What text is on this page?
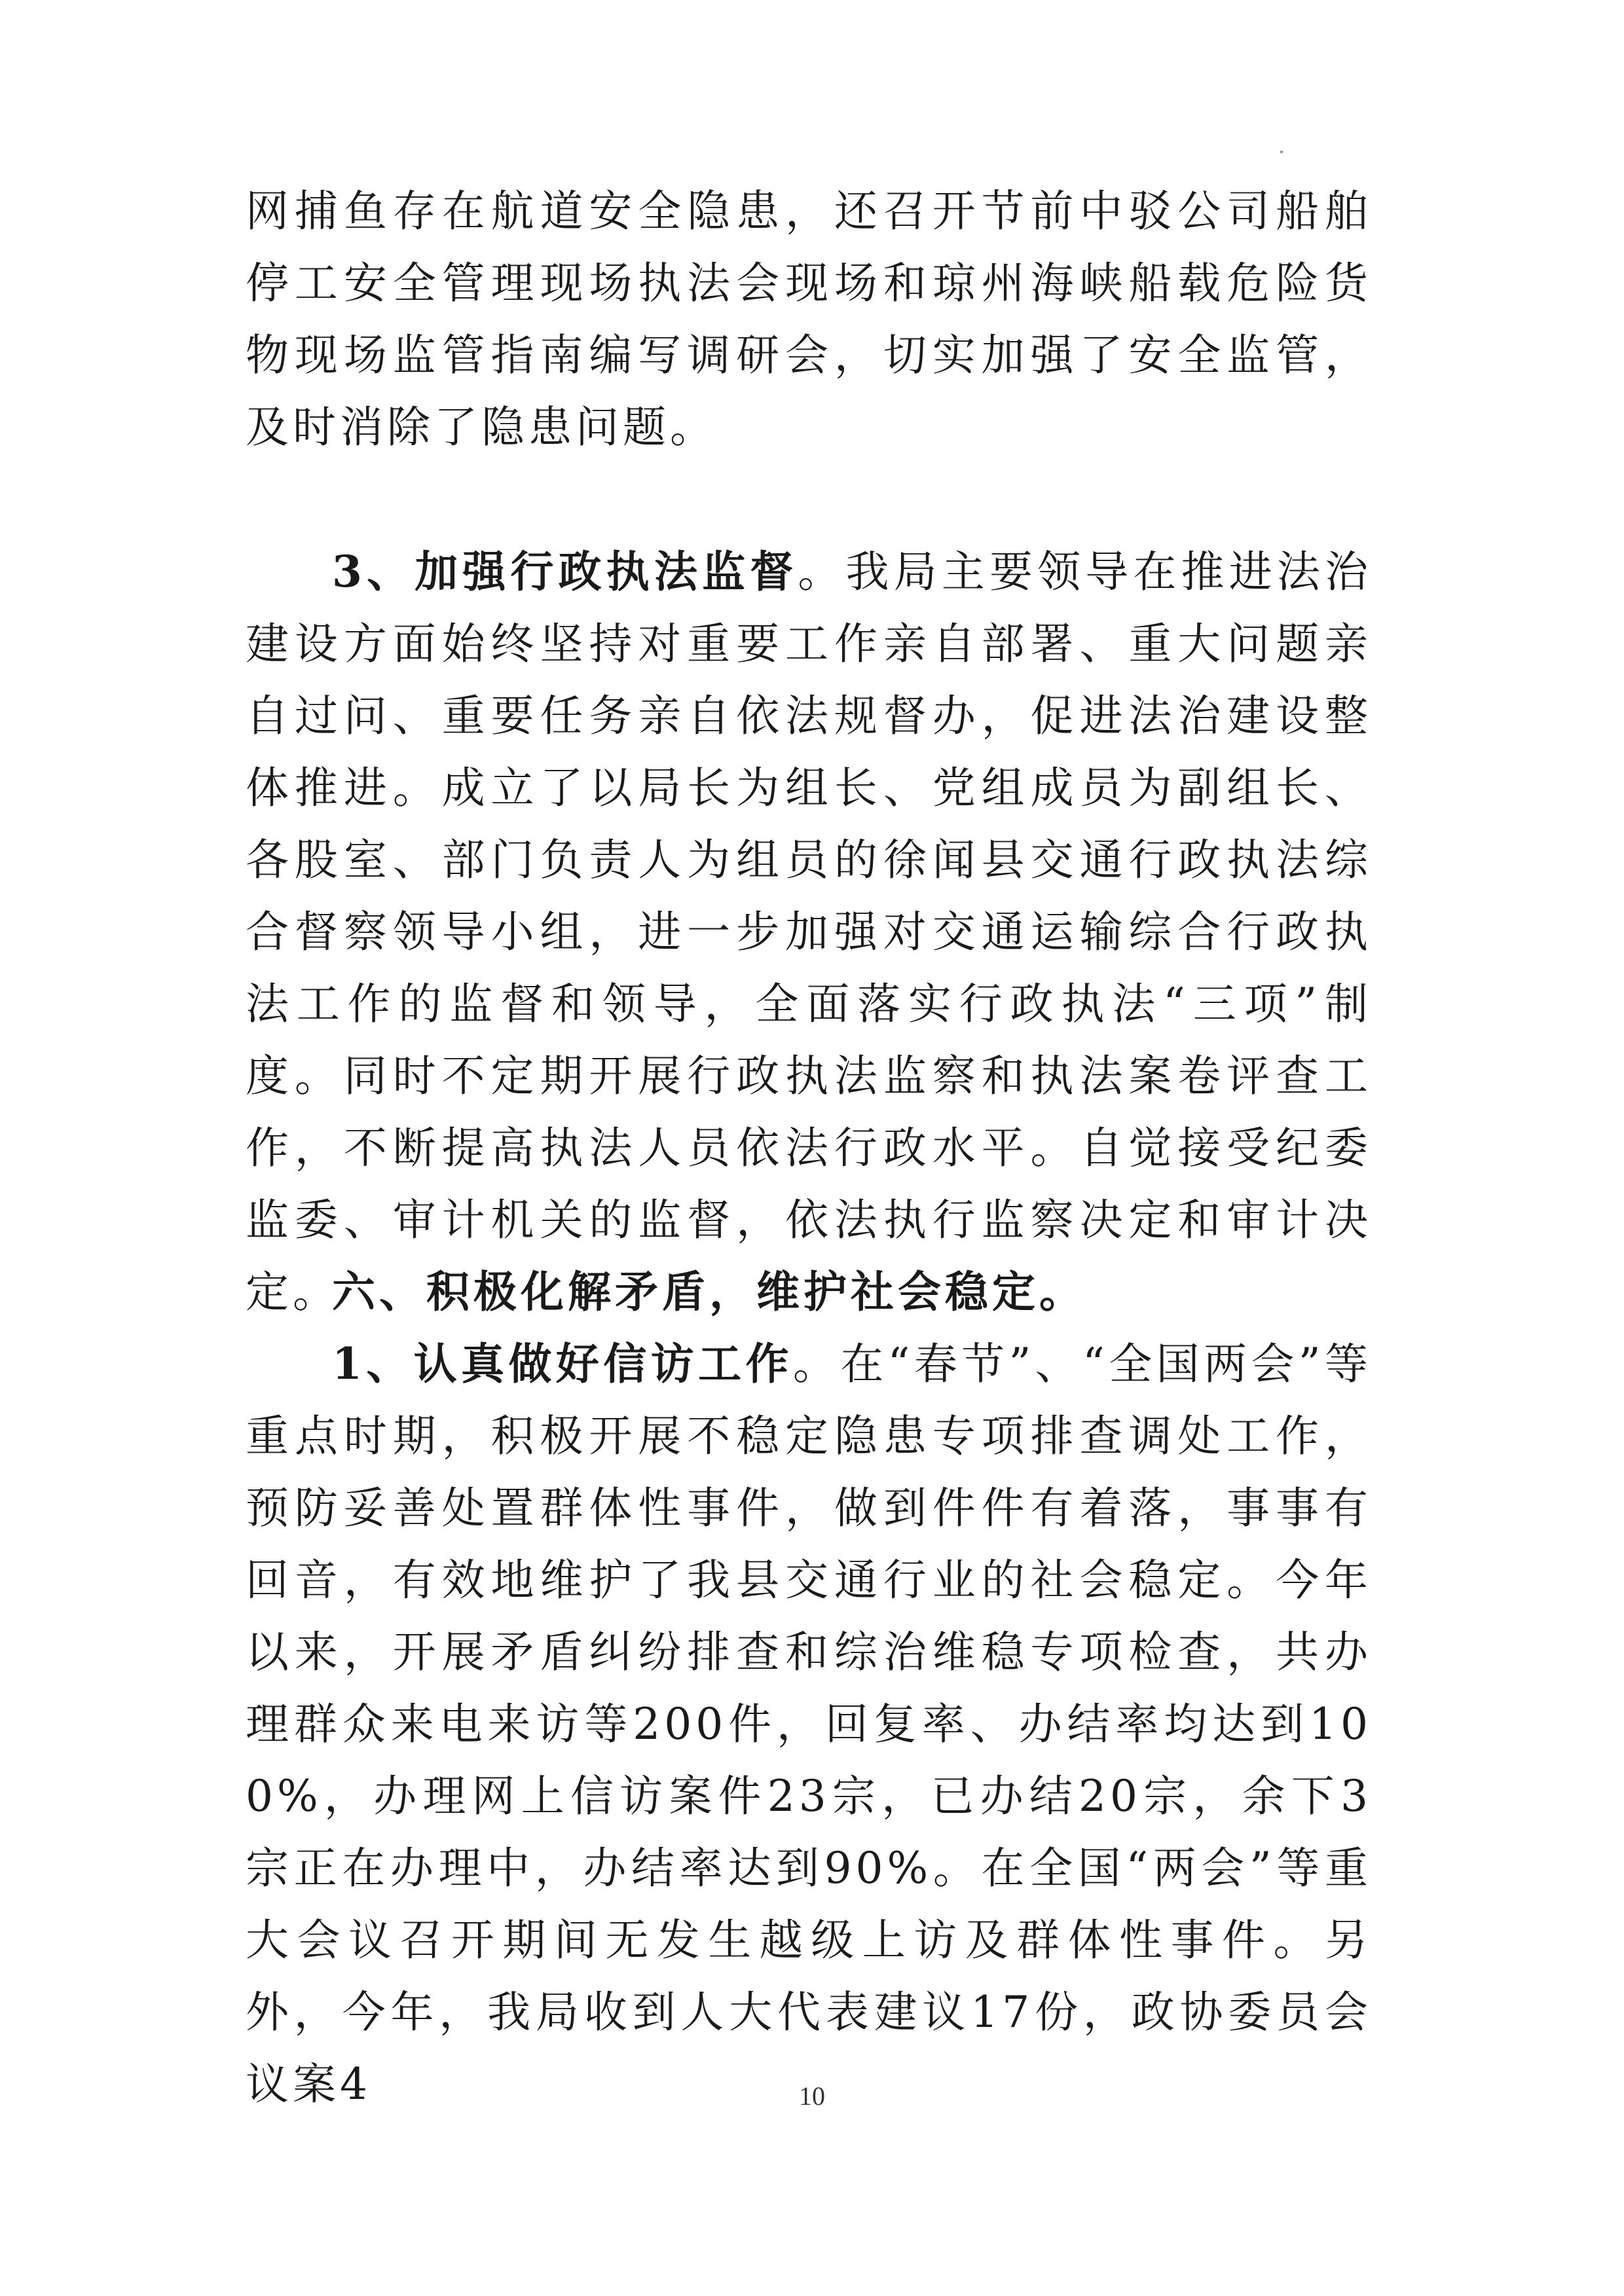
网捕鱼存在航道安全隐患，还召开节前中驳公司船舶停工安全管理现场执法会现场和琼州海峡船载危险货物现场监管指南编写调研会，切实加强了安全监管，及时消除了隐患问题。

3、加强行政执法监督。我局主要领导在推进法治建设方面始终坚持对重要工作亲自部署、重大问题亲自过问、重要任务亲自依法规督办，促进法治建设整体推进。成立了以局长为组长、党组成员为副组长、各股室、部门负责人为组员的徐闻县交通行政执法综合督察领导小组，进一步加强对交通运输综合行政执法工作的监督和领导，全面落实行政执法“三项”制度。同时不定期开展行政执法监察和执法案卷评查工作，不断提高执法人员依法行政水平。自觉接受纪委监委、审计机关的监督，依法执行监察决定和审计决定。

六、积极化解矛盾，维护社会稳定。

1、认真做好信访工作。在“春节”、“全国两会”等重点时期，积极开展不稳定隐患专项排查调处工作，预防妥善处置群体性事件，做到件件有着落，事事有回音，有效地维护了我县交通行业的社会稳定。今年以来，开展矛盾纠纷排查和综治维稳专项检查，共办理群众来电来访等200件，回复率、办结率均达到100%，办理网上信访案件23宗，已办结20宗，余下3宗正在办理中，办结率达到90%。在全国“两会”等重大会议召开期间无发生越级上访及群体性事件。另外，今年，我局收到人大代表建议17份，政协委员会议案4	10
